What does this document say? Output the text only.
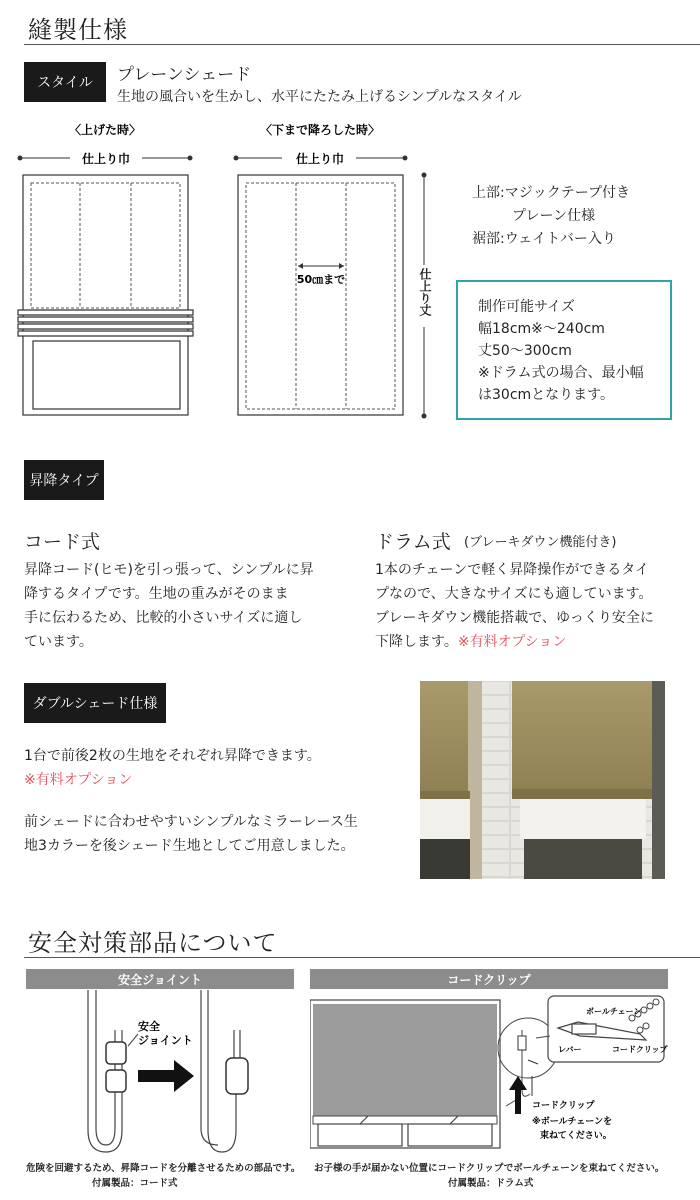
縫製仕様
スタイル	プレーンシェード
生地の風合いを生かし、水平にたたみ上げるシンプルなスタイル
〈上げた時〉	〈下まで降ろした時〉
仕上り巾	仕上り巾
50㎝まで	仕上り丈
上部:マジックテープ付き
プレーン仕様
裾部:ウェイトバー入り
制作可能サイズ
幅18cm※～240cm
丈50～300cm
※ドラム式の場合、最小幅
は30cmとなります。
昇降タイプ
コード式
昇降コード(ヒモ)を引っ張って、シンプルに昇
降するタイプです。生地の重みがそのまま
手に伝わるため、比較的小さいサイズに適し
ています。
ドラム式 (ブレーキダウン機能付き)
1本のチェーンで軽く昇降操作ができるタイ
プなので、大きなサイズにも適しています。
ブレーキダウン機能搭載で、ゆっくり安全に
下降します。※有料オプション
ダブルシェード仕様
1台で前後2枚の生地をそれぞれ昇降できます。
※有料オプション
前シェードに合わせやすいシンプルなミラーレース生
地3カラーを後シェード生地としてご用意しました。
安全対策部品について
安全ジョイント
安全
ジョイント
危険を回避するため、昇降コードを分離させるための部品です。
付属製品：コード式
コードクリップ
ボールチェーン
レバー	コードクリップ
コードクリップ
※ボールチェーンを
束ねてください。
お子様の手が届かない位置にコードクリップでボールチェーンを束ねてください。
付属製品：ドラム式
